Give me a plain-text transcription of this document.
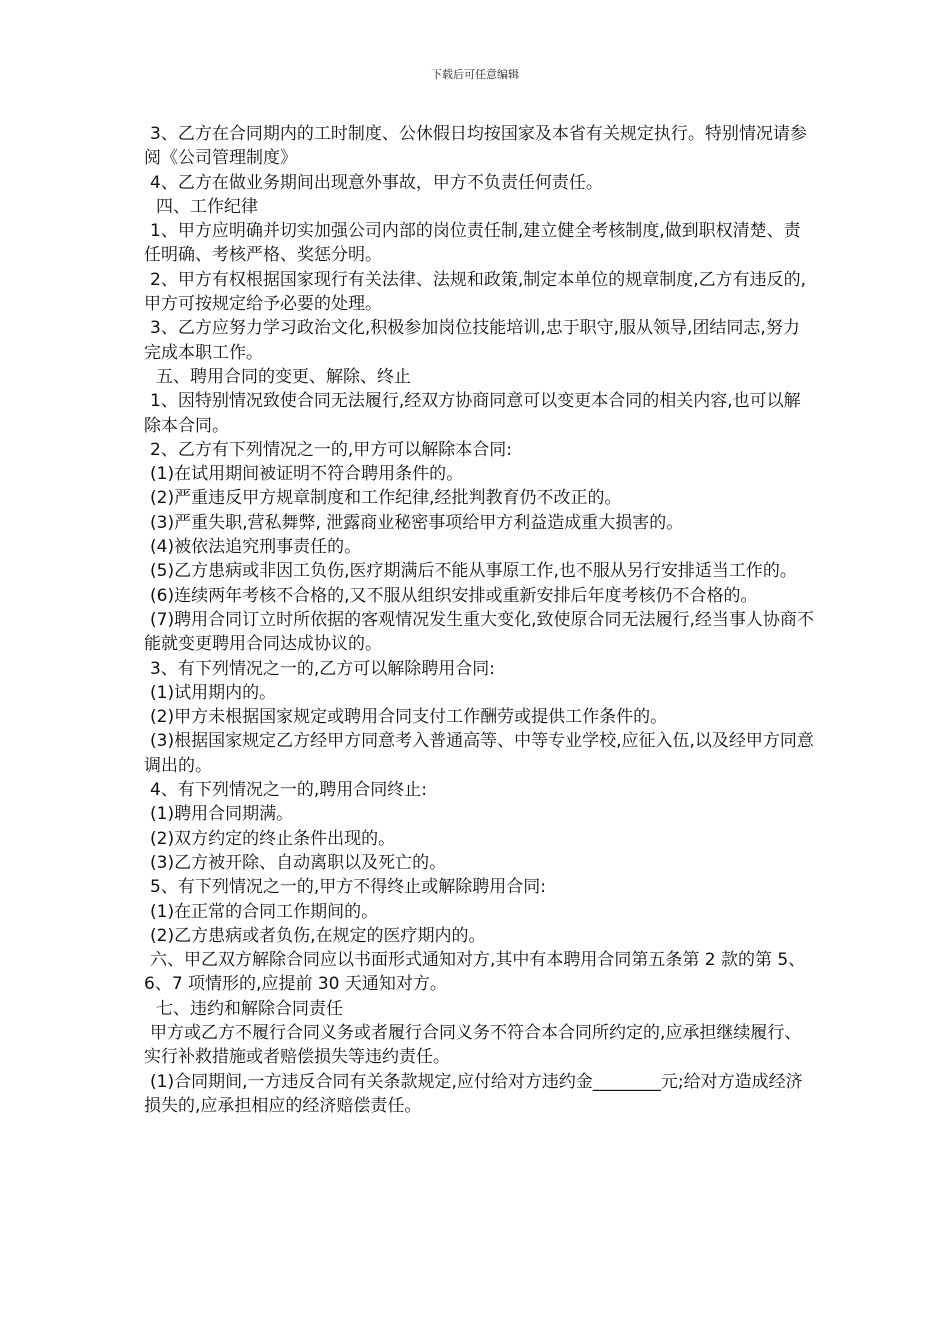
下载后可任意编辑

3、乙方在合同期内的工时制度、公休假日均按国家及本省有关规定执行。特别情况请参阅《公司管理制度》

4、乙方在做业务期间出现意外事故，甲方不负责任何责任。

四、工作纪律

1、甲方应明确并切实加强公司内部的岗位责任制,建立健全考核制度,做到职权清楚、责任明确、考核严格、奖惩分明。

2、甲方有权根据国家现行有关法律、法规和政策,制定本单位的规章制度,乙方有违反的,甲方可按规定给予必要的处理。

3、乙方应努力学习政治文化,积极参加岗位技能培训,忠于职守,服从领导,团结同志,努力完成本职工作。

五、聘用合同的变更、解除、终止

1、因特别情况致使合同无法履行,经双方协商同意可以变更本合同的相关内容,也可以解除本合同。

2、乙方有下列情况之一的,甲方可以解除本合同:

(1)在试用期间被证明不符合聘用条件的。

(2)严重违反甲方规章制度和工作纪律,经批判教育仍不改正的。

(3)严重失职,营私舞弊, 泄露商业秘密事项给甲方利益造成重大损害的。

(4)被依法追究刑事责任的。

(5)乙方患病或非因工负伤,医疗期满后不能从事原工作,也不服从另行安排适当工作的。

(6)连续两年考核不合格的,又不服从组织安排或重新安排后年度考核仍不合格的。

(7)聘用合同订立时所依据的客观情况发生重大变化,致使原合同无法履行,经当事人协商不能就变更聘用合同达成协议的。

3、有下列情况之一的,乙方可以解除聘用合同:

(1)试用期内的。

(2)甲方未根据国家规定或聘用合同支付工作酬劳或提供工作条件的。

(3)根据国家规定乙方经甲方同意考入普通高等、中等专业学校,应征入伍,以及经甲方同意调出的。

4、有下列情况之一的,聘用合同终止:

(1)聘用合同期满。

(2)双方约定的终止条件出现的。

(3)乙方被开除、自动离职以及死亡的。

5、有下列情况之一的,甲方不得终止或解除聘用合同:

(1)在正常的合同工作期间的。

(2)乙方患病或者负伤,在规定的医疗期内的。

六、甲乙双方解除合同应以书面形式通知对方,其中有本聘用合同第五条第 2 款的第 5、6、7 项情形的,应提前 30 天通知对方。

七、违约和解除合同责任

甲方或乙方不履行合同义务或者履行合同义务不符合本合同所约定的,应承担继续履行、实行补救措施或者赔偿损失等违约责任。

(1)合同期间,一方违反合同有关条款规定,应付给对方违约金________元;给对方造成经济损失的,应承担相应的经济赔偿责任。
